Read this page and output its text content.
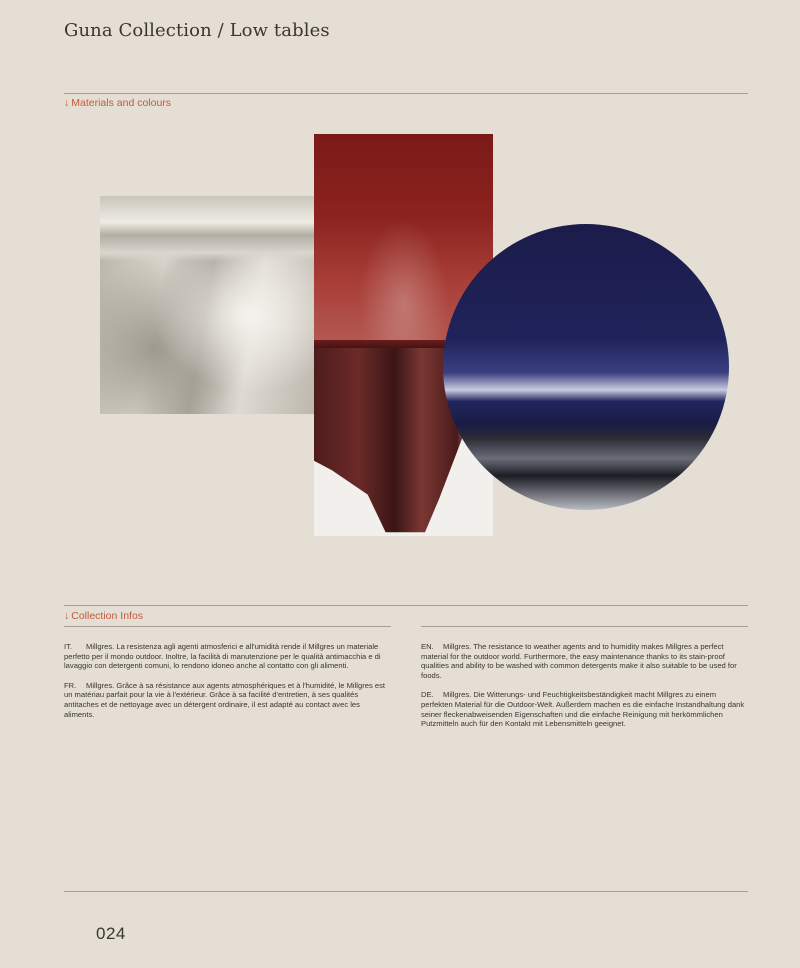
Guna Collection / Low tables
↓ Materials and colours
↓ Collection Infos

IT. Millgres. La resistenza agli agenti atmosferici e all'umidità rende il Millgres un materiale perfetto per il mondo outdoor. Inoltre, la facilità di manutenzione per le qualità antimacchia e di lavaggio con detergenti comuni, lo rendono idoneo anche al contatto con gli alimenti.

FR. Millgres. Grâce à sa résistance aux agents atmosphériques et à l'humidité, le Millgres est un matériau parfait pour la vie à l'extérieur. Grâce à sa facilité d'entretien, à ses qualités antitaches et de nettoyage avec un détergent ordinaire, il est adapté au contact avec les aliments.

EN. Millgres. The resistance to weather agents and to humidity makes Millgres a perfect material for the outdoor world. Furthermore, the easy maintenance thanks to its stain-proof qualities and ability to be washed with common detergents make it also suitable to be used for foods.

DE. Millgres. Die Witterungs- und Feuchtigkeitsbeständigkeit macht Millgres zu einem perfekten Material für die Outdoor-Welt. Außerdem machen es die einfache Instandhaltung dank seiner fleckenabweisenden Eigenschaften und die einfache Reinigung mit herkömmlichen Putzmitteln auch für den Kontakt mit Lebensmitteln geeignet.

024
